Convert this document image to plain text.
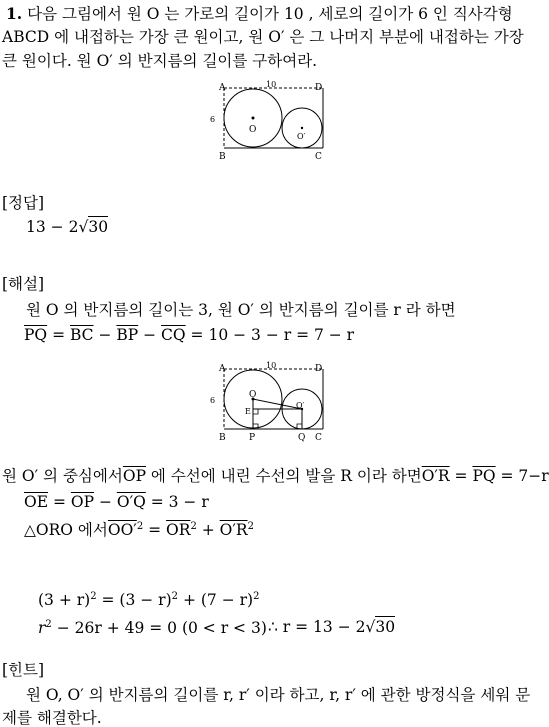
1. 다음 그림에서 원 O 는 가로의 길이가 10 , 세로의 길이가 6 인 직사각형
ABCD 에 내접하는 가장 큰 원이고, 원 O′ 은 그 나머지 부분에 내접하는 가장
큰 원이다. 원 O′ 의 반지름의 길이를 구하여라.
A	D
B	C
O
O′
10
6
[정답]
13 − 2√30
[해설]
원 O 의 반지름의 길이는 3, 원 O′ 의 반지름의 길이를 r 라 하면
$\overline{PQ} = \overline{BC} - \overline{BP} - \overline{CQ} = 10 - 3 - r = 7 - r$
A	D
B	C
O
O′
E
P	Q
10
6
원 O′ 의 중심에서$\overline{OP}$ 에 수선에 내린 수선의 발을 R 이라 하면$O'R = \overline{PQ} = 7-r$
$\overline{OE} = \overline{OP} - O'Q = 3 - r$
△ORO 에서$OO'^2 = \overline{OR}^2 + O'R^2$
$(3 + r)^2 = (3 - r)^2 + (7 - r)^2$
$r^2 - 26r + 49 = 0$ (0 < r < 3) ∴ r = 13 − 2√30
[힌트]
원 O, O′ 의 반지름의 길이를 r, r′ 이라 하고, r, r′ 에 관한 방정식을 세워 문
제를 해결한다.
